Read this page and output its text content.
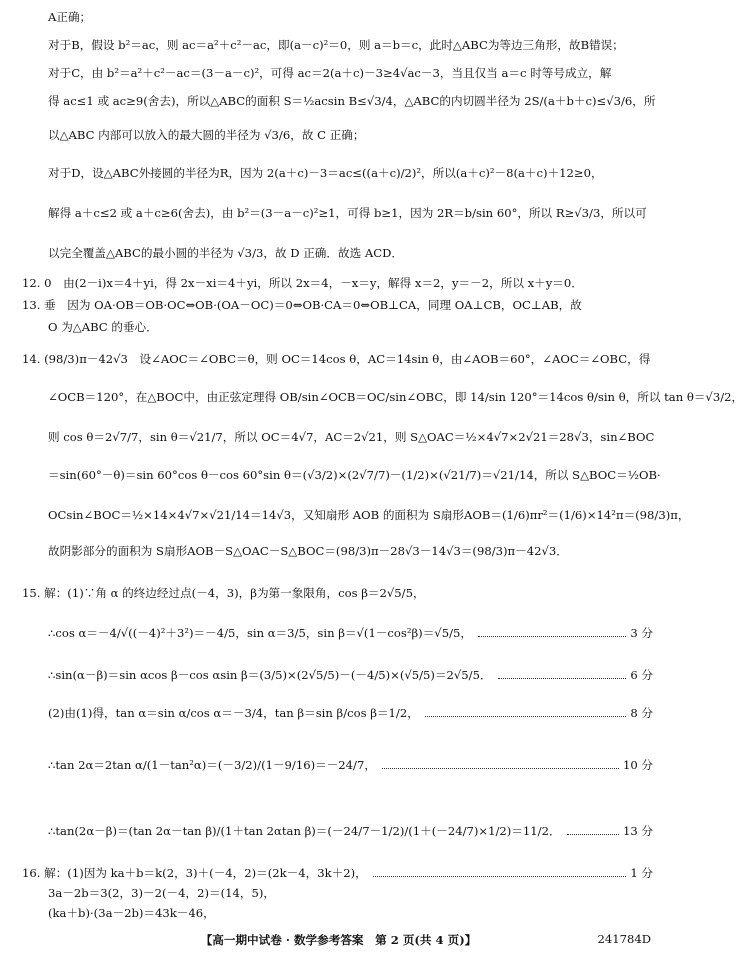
A正确；
对于B，假设 b²＝ac，则 ac＝a²＋c²－ac，即(a－c)²＝0，则 a＝b＝c，此时△ABC为等边三角形，故B错误；
对于C，由 b²＝a²＋c²－ac＝(3－a－c)²，可得 ac＝2(a＋c)－3≥4√ac－3，当且仅当 a＝c 时等号成立，解
得 ac≤1 或 ac≥9(舍去)，所以△ABC的面积 S＝½acsin B≤√3/4，△ABC的内切圆半径为 2S/(a＋b＋c)≤√3/6，所
以△ABC 内部可以放入的最大圆的半径为 √3/6，故 C 正确；
对于D，设△ABC外接圆的半径为R，因为 2(a＋c)－3＝ac≤((a＋c)/2)²，所以(a＋c)²－8(a＋c)＋12≥0，
解得 a＋c≤2 或 a＋c≥6(舍去)，由 b²＝(3－a－c)²≥1，可得 b≥1，因为 2R＝b/sin 60°，所以 R≥√3/3，所以可
以完全覆盖△ABC的最小圆的半径为 √3/3，故 D 正确．故选 ACD．
12. 0　由(2－i)x＝4＋yi，得 2x－xi＝4＋yi，所以 2x＝4，－x＝y，解得 x＝2，y＝－2，所以 x＋y＝0．
13. 垂　因为 OA·OB＝OB·OC⇔OB·(OA－OC)＝0⇔OB·CA＝0⇔OB⊥CA，同理 OA⊥CB，OC⊥AB，故
O 为△ABC 的垂心．
14. (98/3)π－42√3　设∠AOC＝∠OBC＝θ，则 OC＝14cos θ，AC＝14sin θ，由∠AOB＝60°，∠AOC＝∠OBC，得
∠OCB＝120°，在△BOC中，由正弦定理得 OB/sin∠OCB＝OC/sin∠OBC，即 14/sin 120°＝14cos θ/sin θ，所以 tan θ＝√3/2，
则 cos θ＝2√7/7，sin θ＝√21/7，所以 OC＝4√7，AC＝2√21，则 S△OAC＝½×4√7×2√21＝28√3，sin∠BOC
＝sin(60°－θ)＝sin 60°cos θ－cos 60°sin θ＝(√3/2)×(2√7/7)－(1/2)×(√21/7)＝√21/14，所以 S△BOC＝½OB·
OCsin∠BOC＝½×14×4√7×√21/14＝14√3，又知扇形 AOB 的面积为 S扇形AOB＝(1/6)πr²＝(1/6)×14²π＝(98/3)π，
故阴影部分的面积为 S扇形AOB－S△OAC－S△BOC＝(98/3)π－28√3－14√3＝(98/3)π－42√3．
15. 解：(1)∵角 α 的终边经过点(－4，3)，β为第一象限角，cos β＝2√5/5，
∴cos α＝－4/√((－4)²＋3²)＝－4/5，sin α＝3/5，sin β＝√(1－cos²β)＝√5/5，	3 分
∴sin(α－β)＝sin αcos β－cos αsin β＝(3/5)×(2√5/5)－(－4/5)×(√5/5)＝2√5/5．	6 分
(2)由(1)得，tan α＝sin α/cos α＝－3/4，tan β＝sin β/cos β＝1/2，	8 分
∴tan 2α＝2tan α/(1－tan²α)＝(－3/2)/(1－9/16)＝－24/7，	10 分
∴tan(2α－β)＝(tan 2α－tan β)/(1＋tan 2αtan β)＝(－24/7－1/2)/(1＋(－24/7)×1/2)＝11/2．	13 分
16. 解：(1)因为 ka＋b＝k(2，3)＋(－4，2)＝(2k－4，3k＋2)，	1 分
3a－2b＝3(2，3)－2(－4，2)＝(14，5)，
(ka＋b)·(3a－2b)＝43k－46，
【高一期中试卷 · 数学参考答案　第 2 页(共 4 页)】	241784D
